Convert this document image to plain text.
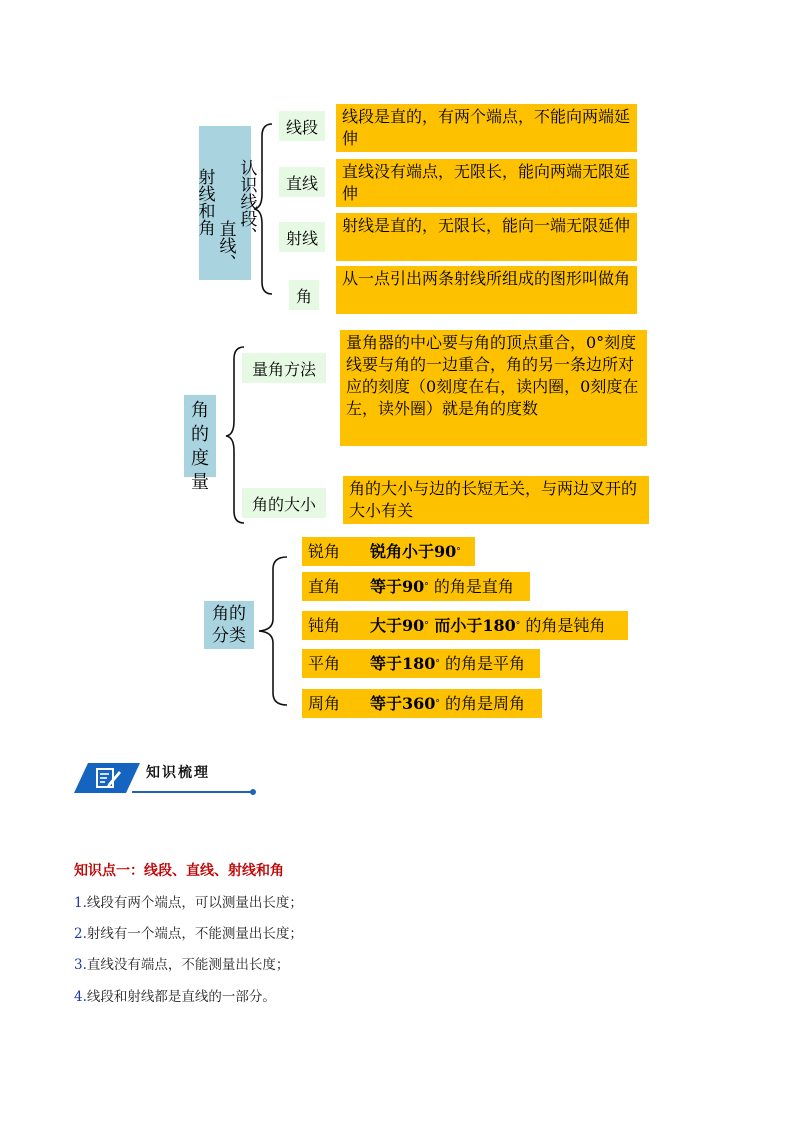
认识线段、
直线、
射线和角
线段
线段是直的，有两个端点，不能向两端延伸
直线
直线没有端点，无限长，能向两端无限延伸
射线
射线是直的，无限长，能向一端无限延伸
角
从一点引出两条射线所组成的图形叫做角
角的
度量
量角方法
量角器的中心要与角的顶点重合，0°刻度线要与角的一边重合，角的另一条边所对应的刻度（0刻度在右，读内圈，0刻度在左，读外圈）就是角的度数
角的大小
角的大小与边的长短无关，与两边叉开的大小有关
角的
分类
锐角	锐角小于90 °
直角	等于90 ° 的角是直角
钝角	大于90 ° 而小于180 ° 的角是钝角
平角	等于180 ° 的角是平角
周角	等于360 ° 的角是周角
知识梳理
知识点一：线段、直线、射线和角
1.线段有两个端点，可以测量出长度；
2.射线有一个端点，不能测量出长度；
3.直线没有端点，不能测量出长度；
4.线段和射线都是直线的一部分。
